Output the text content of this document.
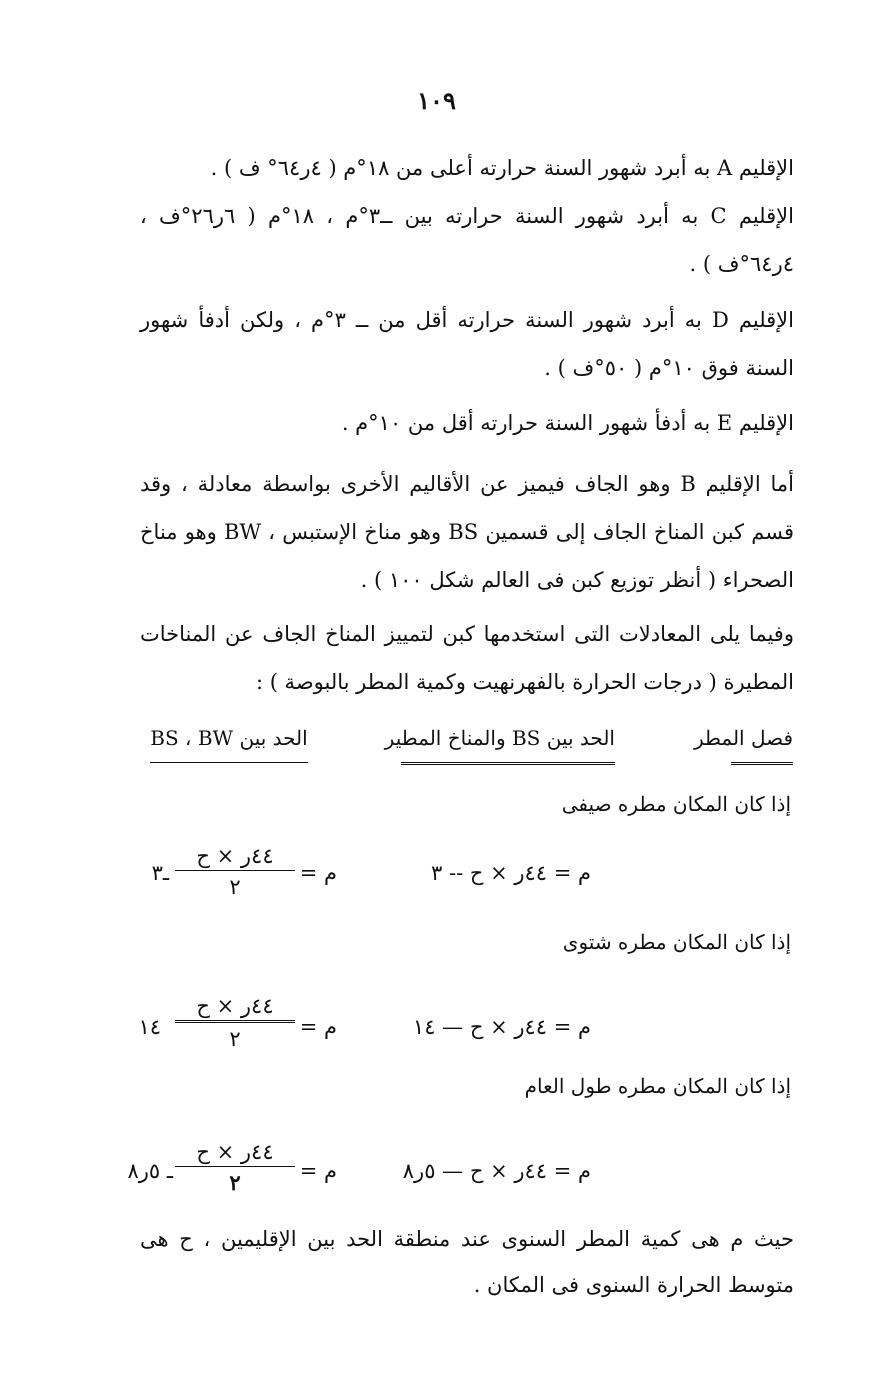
١٠٩
الإقليم A به أبرد شهور السنة حرارته أعلى من ١٨°م ( ٤ر٦٤° ف ) .
الإقليم C به أبرد شهور السنة حرارته بين ــ٣°م ، ١٨°م ( ٦ر٢٦°ف ، ٤ر٦٤°ف ) .
الإقليم D به أبرد شهور السنة حرارته أقل من ــ ٣°م ، ولكن أدفأ شهور السنة فوق ١٠°م ( ٥٠°ف ) .
الإقليم E به أدفأ شهور السنة حرارته أقل من ١٠°م .
أما الإقليم B وهو الجاف فيميز عن الأقاليم الأخرى بواسطة معادلة ، وقد قسم كبن المناخ الجاف إلى قسمين BS وهو مناخ الإستبس ، BW وهو مناخ الصحراء ( أنظر توزيع كبن فى العالم شكل ١٠٠ ) .
وفيما يلى المعادلات التى استخدمها كبن لتمييز المناخ الجاف عن المناخات المطيرة ( درجات الحرارة بالفهرنهيت وكمية المطر بالبوصة ) :
فصل المطر
الحد بين BS والمناخ المطير
الحد بين BS ، BW
إذا كان المكان مطره صيفى
م = ٤٤ر × ح -- ٣
م =
٤٤ر × ح
٢
ـ٣
إذا كان المكان مطره شتوى
م = ٤٤ر × ح — ١٤
م =
٤٤ر × ح
٢
١٤
إذا كان المكان مطره طول العام
م = ٤٤ر × ح — ٥ر٨
م =
٤٤ر × ح
٢
ـ ٥ر٨
حيث م هى كمية المطر السنوى عند منطقة الحد بين الإقليمين ، ح هى متوسط الحرارة السنوى فى المكان .
